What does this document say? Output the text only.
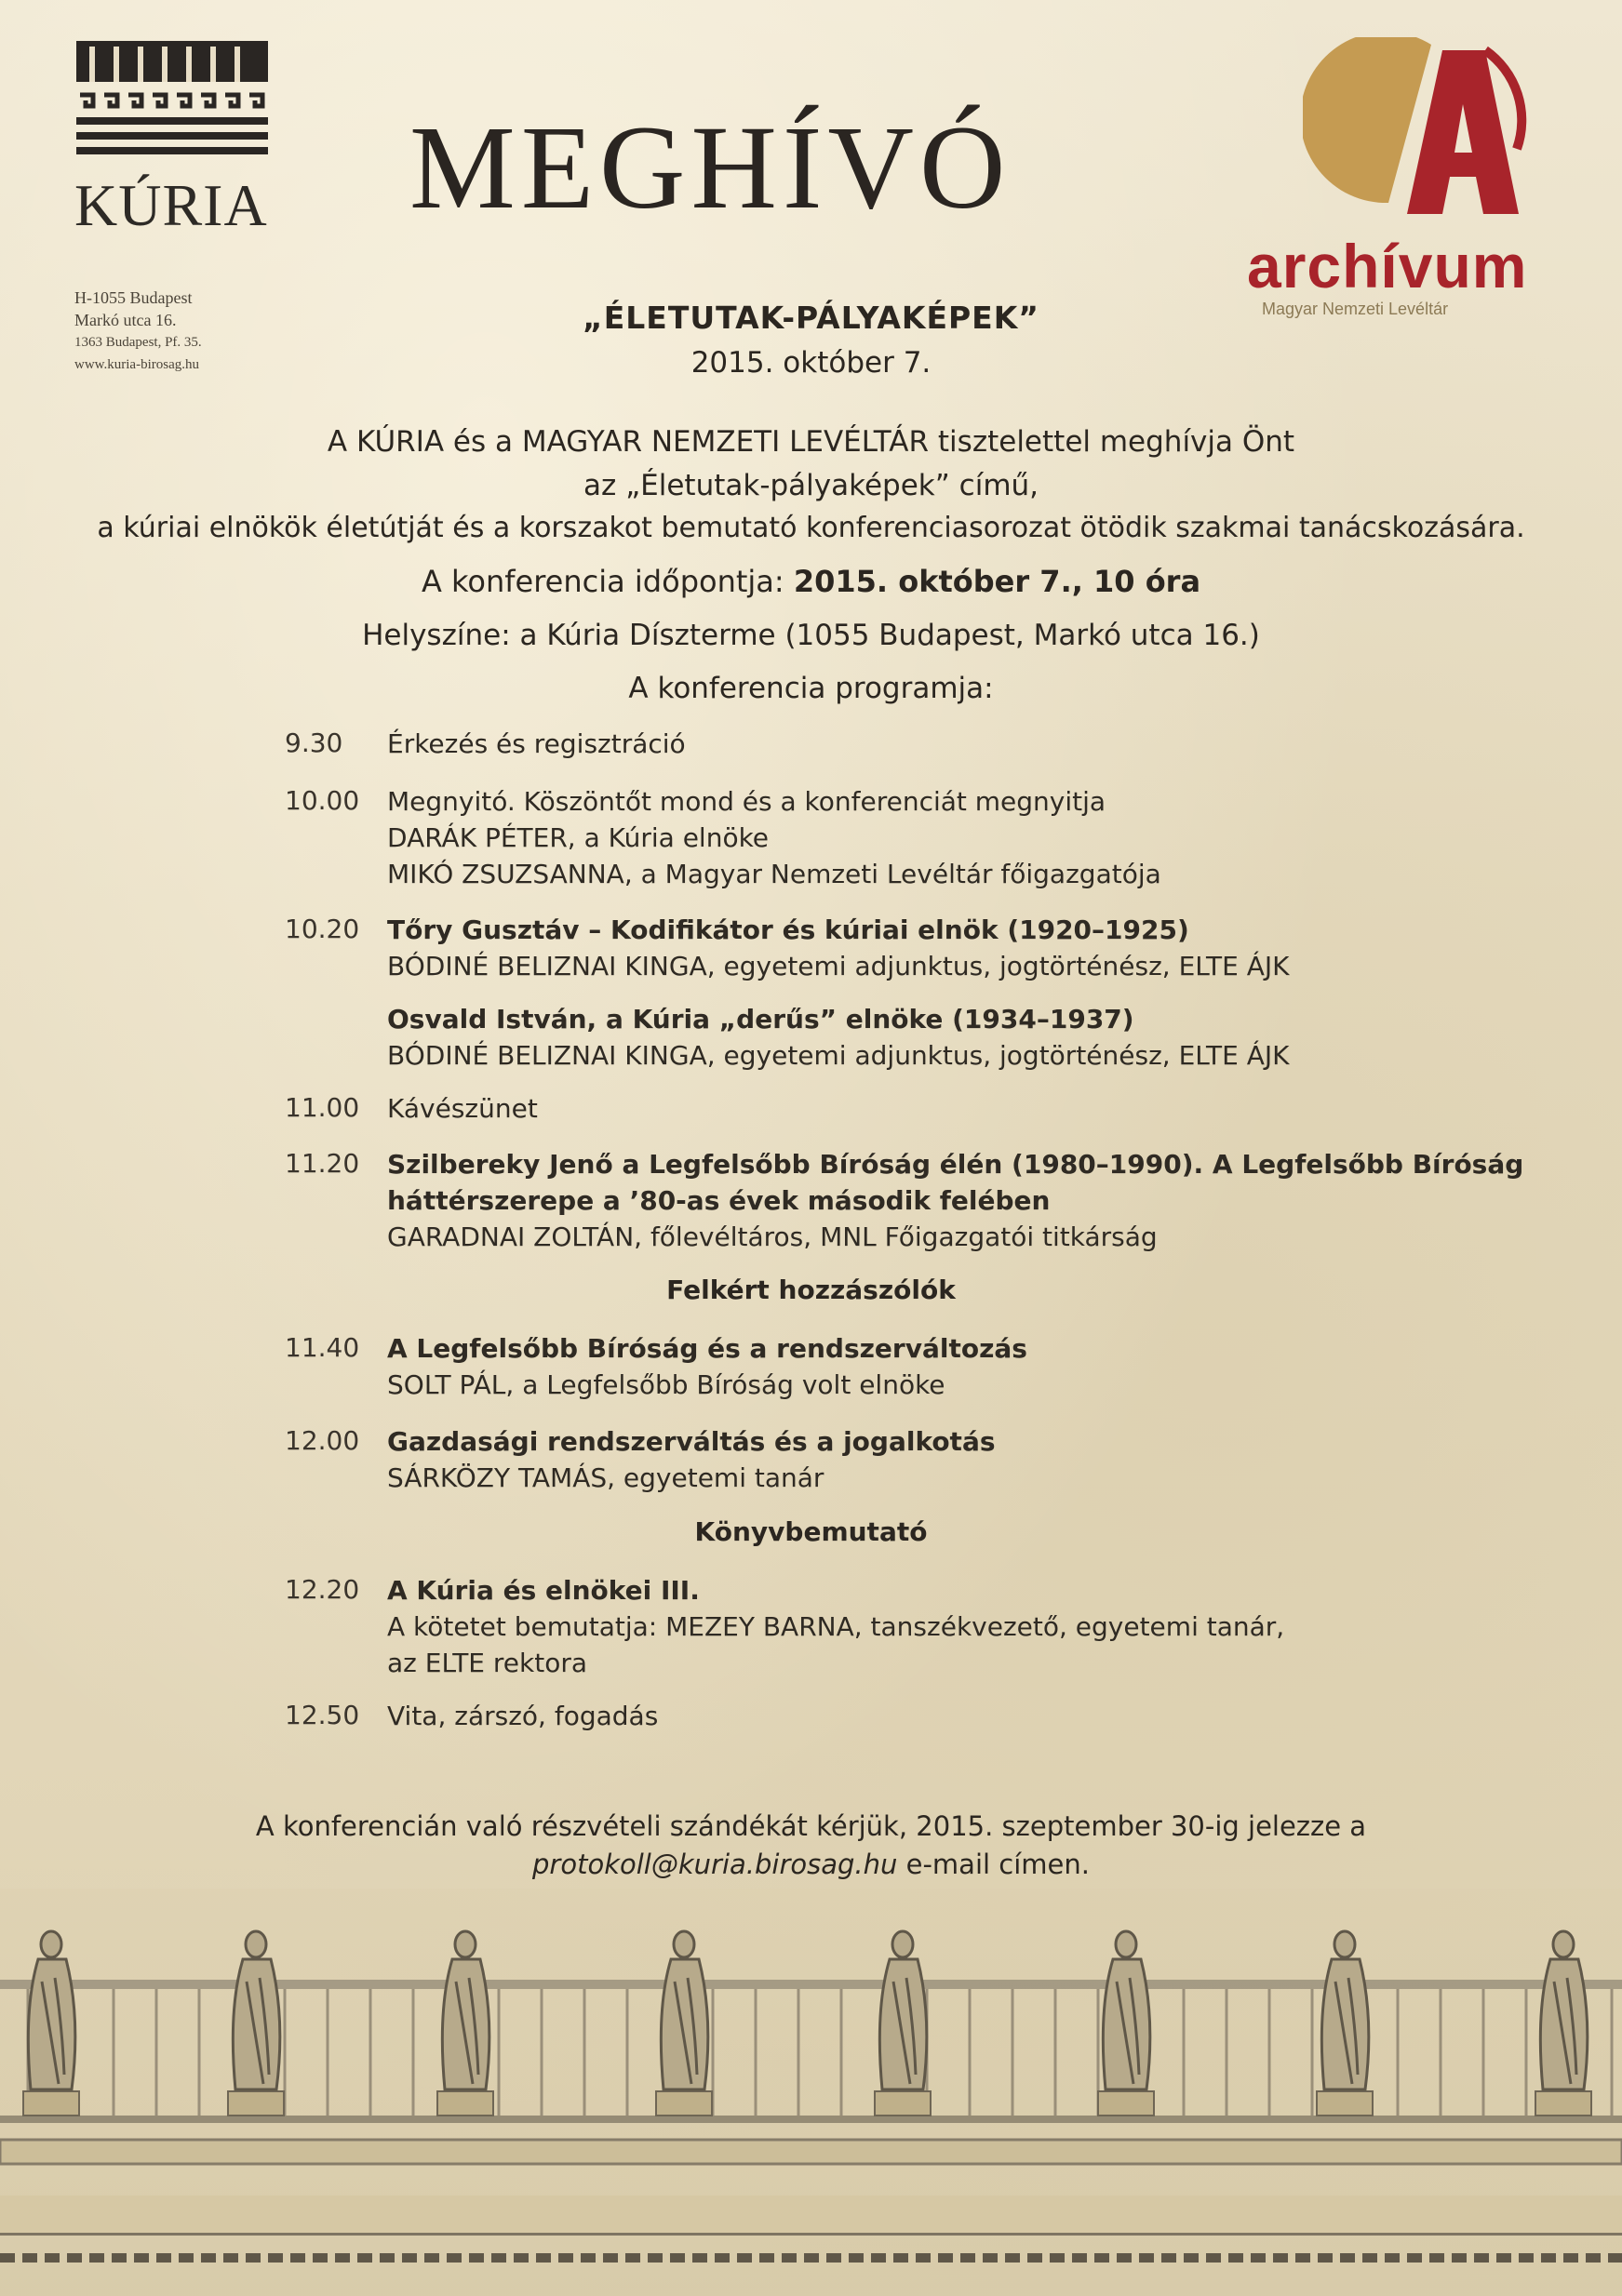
KÚRIA
H-1055 Budapest
Markó utca 16.
1363 Budapest, Pf. 35.
www.kuria-birosag.hu
MEGHÍVÓ
archívum
Magyar Nemzeti Levéltár
„ÉLETUTAK-PÁLYAKÉPEK”
2015. október 7.
A KÚRIA és a MAGYAR NEMZETI LEVÉLTÁR tisztelettel meghívja Önt
az „Életutak-pályaképek” című,
a kúriai elnökök életútját és a korszakot bemutató konferenciasorozat ötödik szakmai tanácskozására.
A konferencia időpontja: 2015. október 7., 10 óra
Helyszíne: a Kúria Díszterme (1055 Budapest, Markó utca 16.)
A konferencia programja:
9.30	Érkezés és regisztráció
10.00	Megnyitó. Köszöntőt mond és a konferenciát megnyitja
DARÁK PÉTER, a Kúria elnöke
MIKÓ ZSUZSANNA, a Magyar Nemzeti Levéltár főigazgatója
10.20	Tőry Gusztáv – Kodifikátor és kúriai elnök (1920–1925)
BÓDINÉ BELIZNAI KINGA, egyetemi adjunktus, jogtörténész, ELTE ÁJK
Osvald István, a Kúria „derűs” elnöke (1934–1937)
BÓDINÉ BELIZNAI KINGA, egyetemi adjunktus, jogtörténész, ELTE ÁJK
11.00	Kávészünet
11.20	Szilbereky Jenő a Legfelsőbb Bíróság élén (1980–1990). A Legfelsőbb Bíróság
háttérszerepe a ’80-as évek második felében
GARADNAI ZOLTÁN, főlevéltáros, MNL Főigazgatói titkárság
Felkért hozzászólók
11.40	A Legfelsőbb Bíróság és a rendszerváltozás
SOLT PÁL, a Legfelsőbb Bíróság volt elnöke
12.00	Gazdasági rendszerváltás és a jogalkotás
SÁRKÖZY TAMÁS, egyetemi tanár
Könyvbemutató
12.20	A Kúria és elnökei III.
A kötetet bemutatja: MEZEY BARNA, tanszékvezető, egyetemi tanár,
az ELTE rektora
12.50	Vita, zárszó, fogadás
A konferencián való részvételi szándékát kérjük, 2015. szeptember 30-ig jelezze a
protokoll@kuria.birosag.hu e-mail címen.
